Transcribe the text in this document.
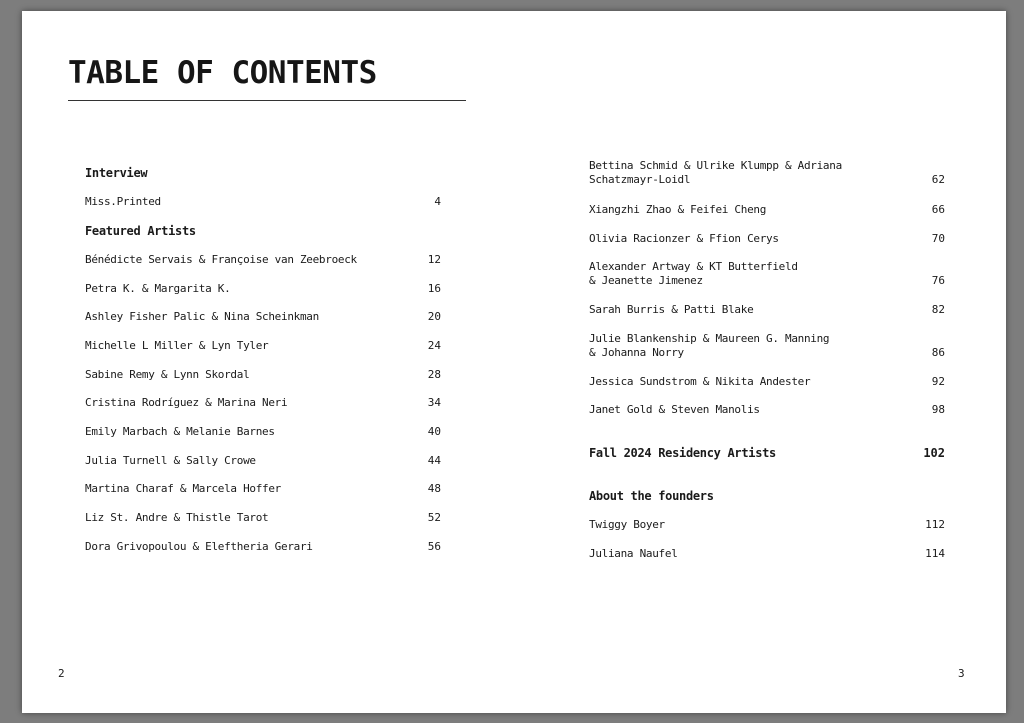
TABLE OF CONTENTS
Interview
Miss.Printed	4
Featured Artists
Bénédicte Servais & Françoise van Zeebroeck	12
Petra K. & Margarita K.	16
Ashley Fisher Palic & Nina Scheinkman	20
Michelle L Miller & Lyn Tyler	24
Sabine Remy & Lynn Skordal	28
Cristina Rodríguez & Marina Neri	34
Emily Marbach & Melanie Barnes	40
Julia Turnell & Sally Crowe	44
Martina Charaf & Marcela Hoffer	48
Liz St. Andre & Thistle Tarot	52
Dora Grivopoulou & Eleftheria Gerari	56
Bettina Schmid & Ulrike Klumpp & Adriana
Schatzmayr-Loidl	62
Xiangzhi Zhao & Feifei Cheng	66
Olivia Racionzer & Ffion Cerys	70
Alexander Artway & KT Butterfield
& Jeanette Jimenez	76
Sarah Burris & Patti Blake	82
Julie Blankenship & Maureen G. Manning
& Johanna Norry	86
Jessica Sundstrom & Nikita Andester	92
Janet Gold & Steven Manolis	98
Fall 2024 Residency Artists	102
About the founders
Twiggy Boyer	112
Juliana Naufel	114
2	3
